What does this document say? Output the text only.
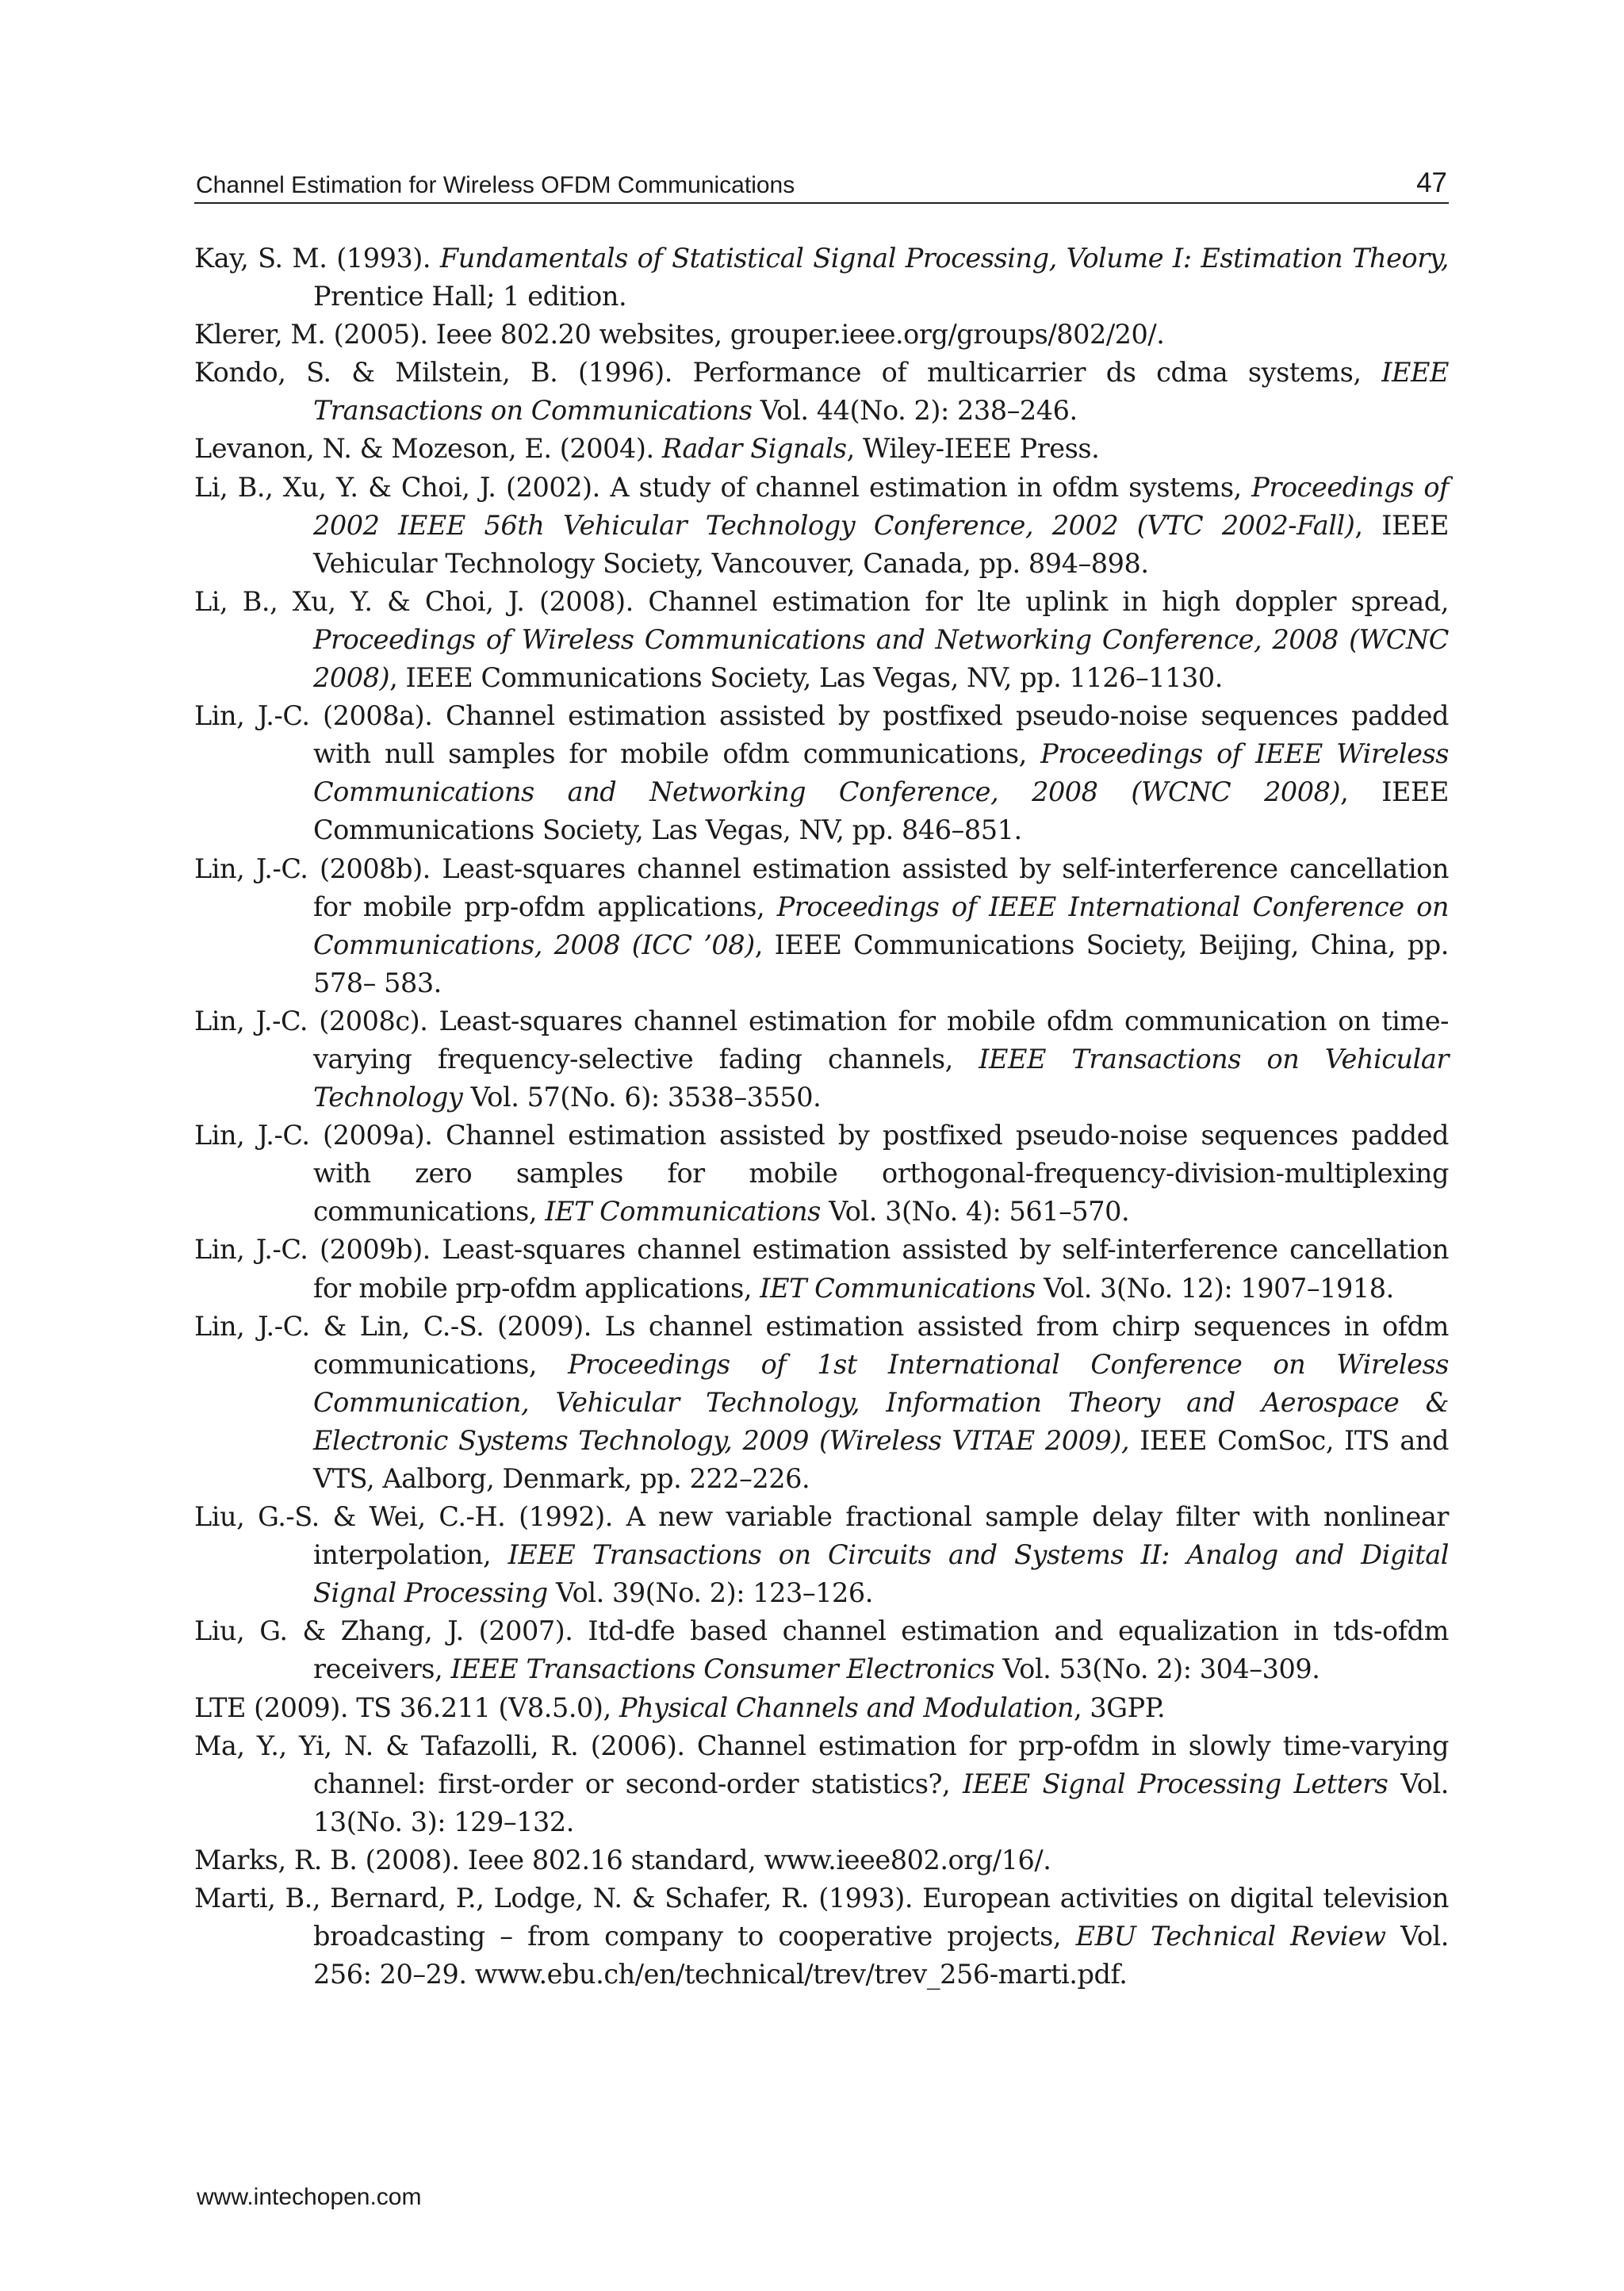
Channel Estimation for Wireless OFDM Communications	47

Kay, S. M. (1993). Fundamentals of Statistical Signal Processing, Volume I: Estimation Theory, Prentice Hall; 1 edition.

Klerer, M. (2005). Ieee 802.20 websites, grouper.ieee.org/groups/802/20/.

Kondo, S. & Milstein, B. (1996). Performance of multicarrier ds cdma systems, IEEE Transactions on Communications Vol. 44(No. 2): 238–246.

Levanon, N. & Mozeson, E. (2004). Radar Signals, Wiley-IEEE Press.

Li, B., Xu, Y. & Choi, J. (2002). A study of channel estimation in ofdm systems, Proceedings of 2002 IEEE 56th Vehicular Technology Conference, 2002 (VTC 2002-Fall), IEEE Vehicular Technology Society, Vancouver, Canada, pp. 894–898.

Li, B., Xu, Y. & Choi, J. (2008). Channel estimation for lte uplink in high doppler spread, Proceedings of Wireless Communications and Networking Conference, 2008 (WCNC 2008), IEEE Communications Society, Las Vegas, NV, pp. 1126–1130.

Lin, J.-C. (2008a). Channel estimation assisted by postfixed pseudo-noise sequences padded with null samples for mobile ofdm communications, Proceedings of IEEE Wireless Communications and Networking Conference, 2008 (WCNC 2008), IEEE Communications Society, Las Vegas, NV, pp. 846–851.

Lin, J.-C. (2008b). Least-squares channel estimation assisted by self-interference cancellation for mobile prp-ofdm applications, Proceedings of IEEE International Conference on Communications, 2008 (ICC ’08), IEEE Communications Society, Beijing, China, pp. 578– 583.

Lin, J.-C. (2008c). Least-squares channel estimation for mobile ofdm communication on time-varying frequency-selective fading channels, IEEE Transactions on Vehicular Technology Vol. 57(No. 6): 3538–3550.

Lin, J.-C. (2009a). Channel estimation assisted by postfixed pseudo-noise sequences padded with zero samples for mobile orthogonal-frequency-division-multiplexing communications, IET Communications Vol. 3(No. 4): 561–570.

Lin, J.-C. (2009b). Least-squares channel estimation assisted by self-interference cancellation for mobile prp-ofdm applications, IET Communications Vol. 3(No. 12): 1907–1918.

Lin, J.-C. & Lin, C.-S. (2009). Ls channel estimation assisted from chirp sequences in ofdm communications, Proceedings of 1st International Conference on Wireless Communication, Vehicular Technology, Information Theory and Aerospace & Electronic Systems Technology, 2009 (Wireless VITAE 2009), IEEE ComSoc, ITS and VTS, Aalborg, Denmark, pp. 222–226.

Liu, G.-S. & Wei, C.-H. (1992). A new variable fractional sample delay filter with nonlinear interpolation, IEEE Transactions on Circuits and Systems II: Analog and Digital Signal Processing Vol. 39(No. 2): 123–126.

Liu, G. & Zhang, J. (2007). Itd-dfe based channel estimation and equalization in tds-ofdm receivers, IEEE Transactions Consumer Electronics Vol. 53(No. 2): 304–309.

LTE (2009). TS 36.211 (V8.5.0), Physical Channels and Modulation, 3GPP.

Ma, Y., Yi, N. & Tafazolli, R. (2006). Channel estimation for prp-ofdm in slowly time-varying channel: first-order or second-order statistics?, IEEE Signal Processing Letters Vol. 13(No. 3): 129–132.

Marks, R. B. (2008). Ieee 802.16 standard, www.ieee802.org/16/.

Marti, B., Bernard, P., Lodge, N. & Schafer, R. (1993). European activities on digital television broadcasting – from company to cooperative projects, EBU Technical Review Vol. 256: 20–29. www.ebu.ch/en/technical/trev/trev_256-marti.pdf.

www.intechopen.com
